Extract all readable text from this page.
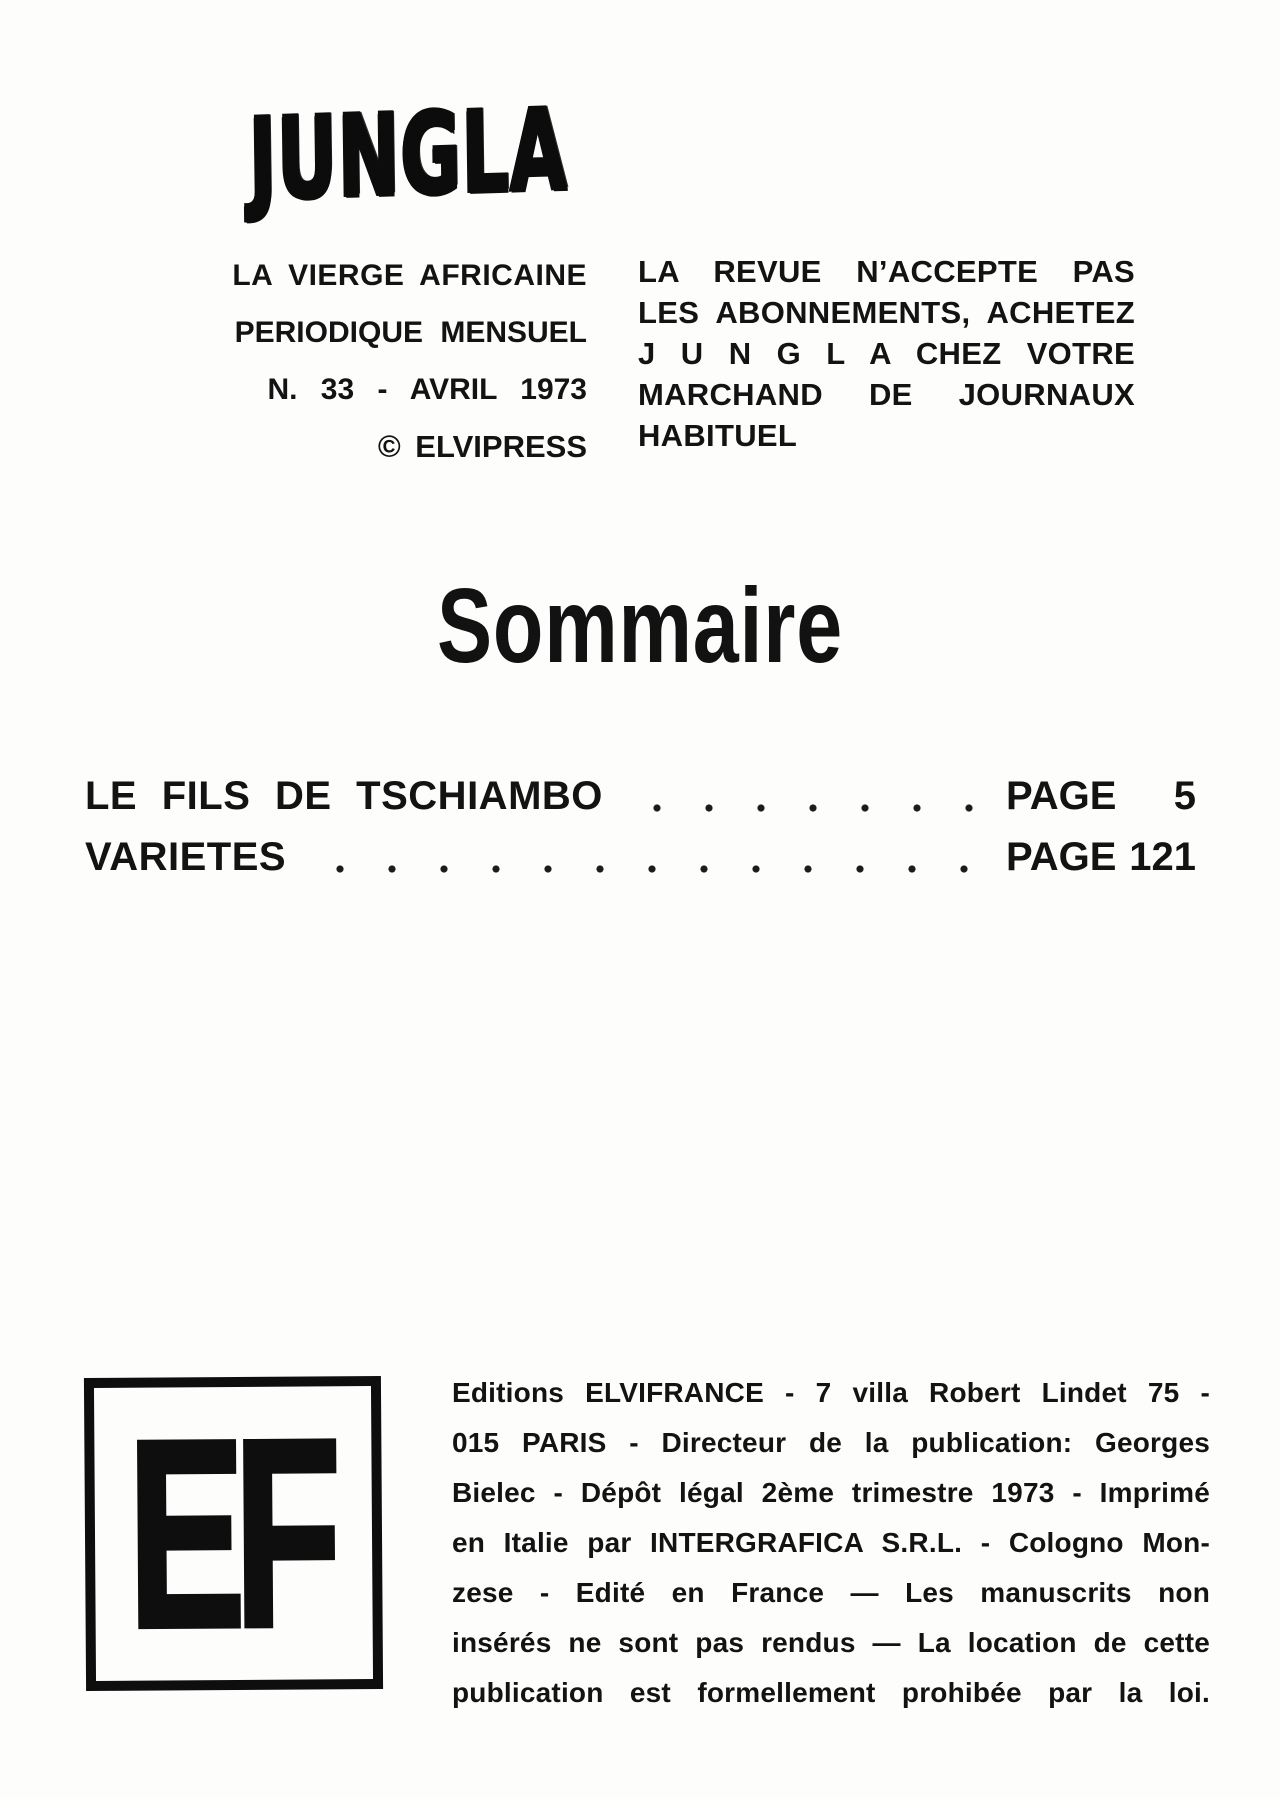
JUNGLA
LA VIERGE AFRICAINE
PERIODIQUE MENSUEL
N. 33 - AVRIL 1973
© ELVIPRESS
LA REVUE N’ACCEPTE PAS
LES ABONNEMENTS, ACHETEZ
J U N G L A CHEZ VOTRE
MARCHAND DE JOURNAUX
HABITUEL
Sommaire
LE FILS DE TSCHIAMBO	PAGE 5
VARIETES	PAGE 121
EF	Editions ELVIFRANCE - 7 villa Robert Lindet 75 -
015 PARIS - Directeur de la publication: Georges
Bielec - Dépôt légal 2ème trimestre 1973 - Imprimé
en Italie par INTERGRAFICA S.R.L. - Cologno Mon-
zese - Edité en France — Les manuscrits non
insérés ne sont pas rendus — La location de cette
publication est formellement prohibée par la loi.
